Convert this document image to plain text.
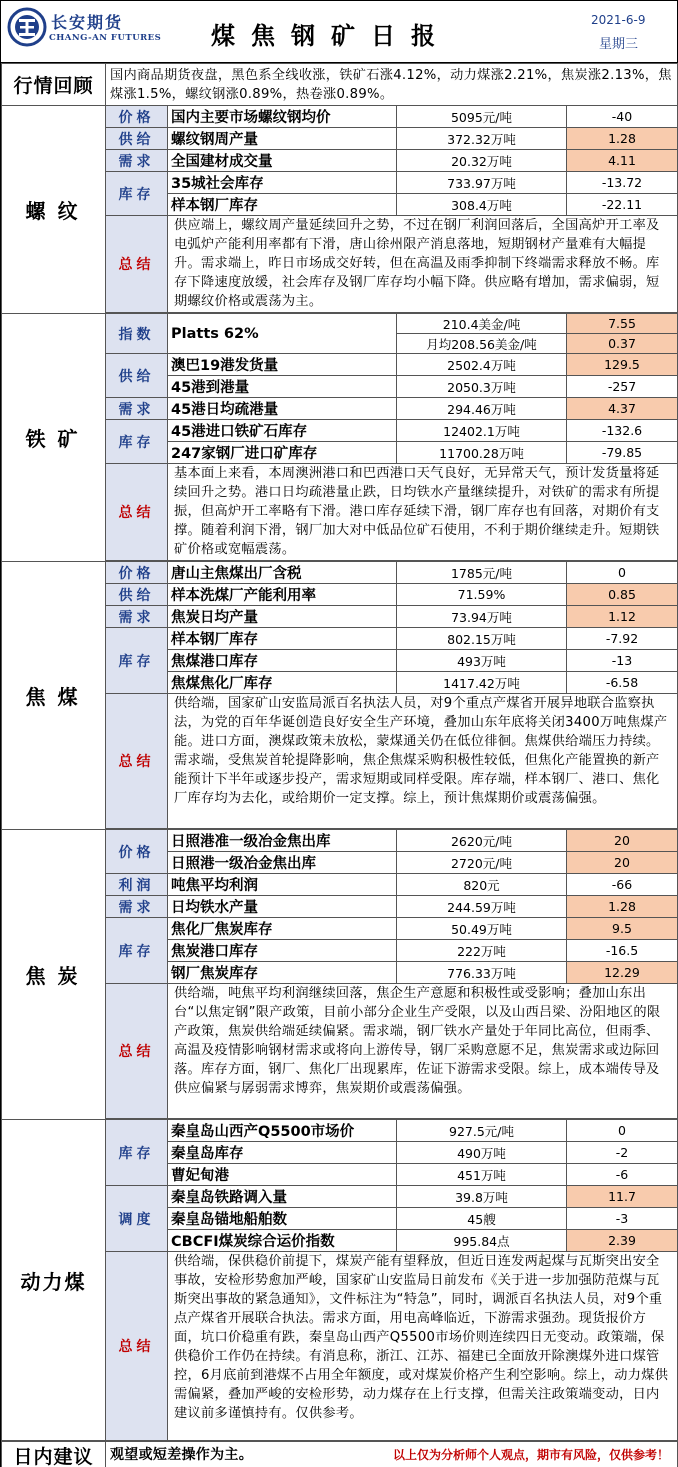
长安期货
CHANG-AN FUTURES 煤焦钢矿日报
2021-6-9
星期三
行情回顾	国内商品期货夜盘，黑色系全线收涨，铁矿石涨4.12%，动力煤涨2.21%，焦炭涨2.13%，焦煤涨1.5%，螺纹钢涨0.89%，热卷涨0.89%。			
螺纹	价格	国内主要市场螺纹钢均价	5095元/吨	-40
	供给	螺纹钢周产量	372.32万吨	1.28
	需求	全国建材成交量	20.32万吨	4.11
	库存	35城社会库存	733.97万吨	-13.72
		样本钢厂库存	308.4万吨	-22.11
	总结	供应端上，螺纹周产量延续回升之势，不过在钢厂利润回落后，全国高炉开工率及电弧炉产能利用率都有下滑，唐山徐州限产消息落地，短期钢材产量难有大幅提升。需求端上，昨日市场成交好转，但在高温及雨季抑制下终端需求释放不畅。库存下降速度放缓，社会库存及钢厂库存均小幅下降。供应略有增加，需求偏弱，短期螺纹价格或震荡为主。		

铁矿	指数	Platts 62%	210.4美金/吨	7.55
			月均208.56美金/吨	0.37
	供给	澳巴19港发货量	2502.4万吨	129.5
		45港到港量	2050.3万吨	-257
	需求	45港日均疏港量	294.46万吨	4.37
	库存	45港进口铁矿石库存	12402.1万吨	-132.6
		247家钢厂进口矿库存	11700.28万吨	-79.85
	总结	基本面上来看，本周澳洲港口和巴西港口天气良好，无异常天气，预计发货量将延续回升之势。港口日均疏港量止跌，日均铁水产量继续提升，对铁矿的需求有所提振，但高炉开工率略有下滑。港口库存延续下滑，钢厂库存也有回落，对期价有支撑。随着利润下滑，钢厂加大对中低品位矿石使用，不利于期价继续走升。短期铁矿价格或宽幅震荡。		

焦煤	价格	唐山主焦煤出厂含税	1785元/吨	0
	供给	样本洗煤厂产能利用率	71.59%	0.85
	需求	焦炭日均产量	73.94万吨	1.12
	库存	样本钢厂库存	802.15万吨	-7.92
		焦煤港口库存	493万吨	-13
		焦煤焦化厂库存	1417.42万吨	-6.58
	总结	供给端，国家矿山安监局派百名执法人员，对9个重点产煤省开展异地联合监察执法，为党的百年华诞创造良好安全生产环境，叠加山东年底将关闭3400万吨焦煤产能。进口方面，澳煤政策未放松，蒙煤通关仍在低位徘徊。焦煤供给端压力持续。需求端，受焦炭首轮提降影响，焦企焦煤采购积极性较低，但焦化产能置换的新产能预计下半年或逐步投产，需求短期或同样受限。库存端，样本钢厂、港口、焦化厂库存均为去化，或给期价一定支撑。综上，预计焦煤期价或震荡偏强。		

焦炭	价格	日照港准一级冶金焦出库	2620元/吨	20
		日照港一级冶金焦出库	2720元/吨	20
	利润	吨焦平均利润	820元	-66
	需求	日均铁水产量	244.59万吨	1.28
	库存	焦化厂焦炭库存	50.49万吨	9.5
		焦炭港口库存	222万吨	-16.5
		钢厂焦炭库存	776.33万吨	12.29
	总结	供给端，吨焦平均利润继续回落，焦企生产意愿和积极性或受影响；叠加山东出台“以焦定钢”限产政策，目前小部分企业生产受限，以及山西吕梁、汾阳地区的限产政策，焦炭供给端延续偏紧。需求端，钢厂铁水产量处于年同比高位，但雨季、高温及疫情影响钢材需求或将向上游传导，钢厂采购意愿不足，焦炭需求或边际回落。库存方面，钢厂、焦化厂出现累库，佐证下游需求受限。综上，成本端传导及供应偏紧与孱弱需求博弈，焦炭期价或震荡偏强。		

动力煤	库存	秦皇岛山西产Q5500市场价	927.5元/吨	0
		秦皇岛库存	490万吨	-2
		曹妃甸港	451万吨	-6
	调度	秦皇岛铁路调入量	39.8万吨	11.7
		秦皇岛锚地船舶数	45艘	-3
		CBCFI煤炭综合运价指数	995.84点	2.39
	总结	供给端，保供稳价前提下，煤炭产能有望释放，但近日连发两起煤与瓦斯突出安全事故，安检形势愈加严峻，国家矿山安监局日前发布《关于进一步加强防范煤与瓦斯突出事故的紧急通知》，文件标注为“特急”，同时，调派百名执法人员，对9个重点产煤省开展联合执法。需求方面，用电高峰临近，下游需求强劲。现货报价方面，坑口价稳重有跌，秦皇岛山西产Q5500市场价则连续四日无变动。政策端，保供稳价工作仍在持续。有消息称，浙江、江苏、福建已全面放开除澳煤外进口煤管控，6月底前到港煤不占用全年额度，或对煤炭价格产生利空影响。综上，动力煤供需偏紧，叠加严峻的安检形势，动力煤存在上行支撑，但需关注政策端变动，日内建议前多谨慎持有。仅供参考。		

日内建议	观望或短差操作为主。				以上仅为分析师个人观点，期市有风险，仅供参考！
